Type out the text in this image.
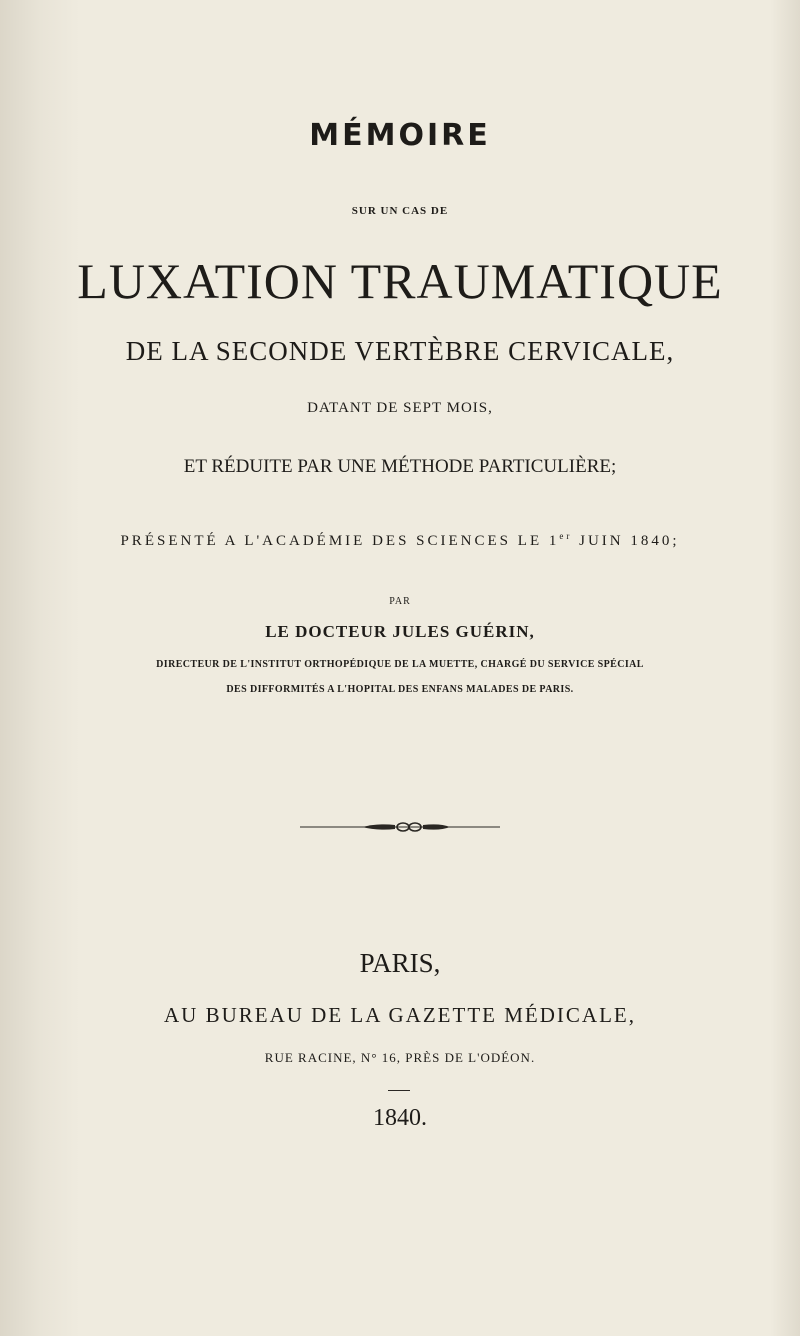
MÉMOIRE
SUR UN CAS DE
LUXATION TRAUMATIQUE
DE LA SECONDE VERTÈBRE CERVICALE,
DATANT DE SEPT MOIS,
ET RÉDUITE PAR UNE MÉTHODE PARTICULIÈRE;
PRÉSENTÉ A L'ACADÉMIE DES SCIENCES LE 1er JUIN 1840;
PAR
LE DOCTEUR JULES GUÉRIN,
DIRECTEUR DE L'INSTITUT ORTHOPÉDIQUE DE LA MUETTE, CHARGÉ DU SERVICE SPÉCIAL
DES DIFFORMITÉS A L'HOPITAL DES ENFANS MALADES DE PARIS.
PARIS,
AU BUREAU DE LA GAZETTE MÉDICALE,
RUE RACINE, N° 16, PRÈS DE L'ODÉON.
1840.
